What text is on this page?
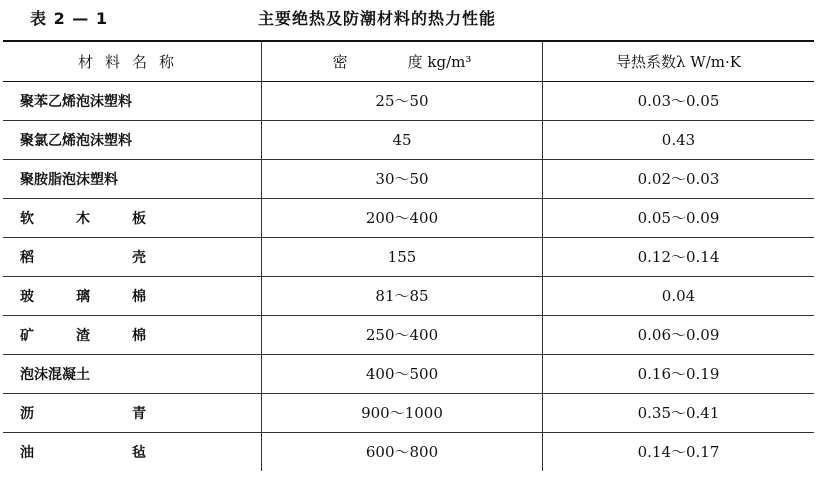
表 2 — 1	主要绝热及防潮材料的热力性能
材料名称	密　　　　度 kg/m³	导热系数λ W/m·K

聚苯乙烯泡沫塑料	25～50	0.03～0.05

聚氯乙烯泡沫塑料	45	0.43

聚胺脂泡沫塑料	30～50	0.02～0.03

软木板	200～400	0.05～0.09

稻壳	155	0.12～0.14

玻璃棉	81～85	0.04

矿渣棉	250～400	0.06～0.09

泡沫混凝土	400～500	0.16～0.19

沥青	900～1000	0.35～0.41

油毡	600～800	0.14～0.17
